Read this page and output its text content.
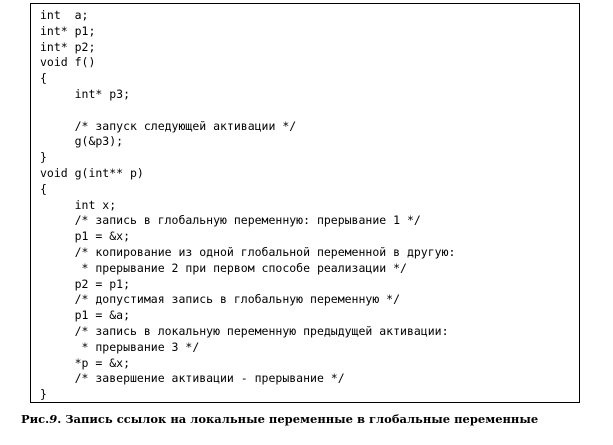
int  a;
int* p1;
int* p2;
void f()
{
int* p3;

/* запуск следующей активации */
g(&p3);
}
void g(int** p)
{
int x;
/* запись в глобальную переменную: прерывание 1 */
p1 = &x;
/* копирование из одной глобальной переменной в другую:
* прерывание 2 при первом способе реализации */
p2 = p1;
/* допустимая запись в глобальную переменную */
p1 = &a;
/* запись в локальную переменную предыдущей активации:
* прерывание 3 */
*p = &x;
/* завершение активации - прерывание */
}
Рис.9. Запись ссылок на локальные переменные в глобальные переменные
